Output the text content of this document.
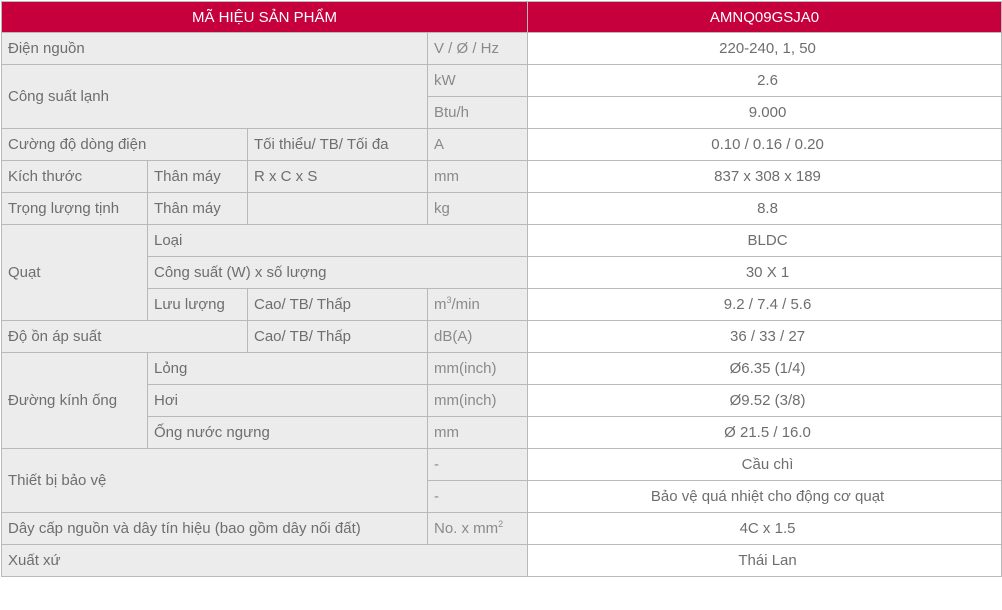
MÃ HIỆU SẢN PHẨM				AMNQ09GSJA0
Điện nguồn			V / Ø / Hz	220-240, 1, 50
Công suất lạnh			kW	2.6
			Btu/h	9.000
Cường độ dòng điện		Tối thiểu/ TB/ Tối đa	A	0.10 / 0.16 / 0.20
Kích thước	Thân máy	R x C x S	mm	837 x 308 x 189
Trọng lượng tịnh	Thân máy		kg	8.8
Quạt	Loại			BLDC
	Công suất (W) x số lượng			30 X 1
	Lưu lượng	Cao/ TB/ Thấp	$m^3/\min$	9.2 / 7.4 / 5.6
Độ ồn áp suất		Cao/ TB/ Thấp	dB(A)	36 / 33 / 27
Đường kính ống	Lỏng		mm(inch)	Ø6.35 (1/4)
	Hơi		mm(inch)	Ø9.52 (3/8)
	Ống nước ngưng		mm	Ø 21.5 / 16.0
Thiết bị bảo vệ			-	Cầu chì
			-	Bảo vệ quá nhiệt cho động cơ quạt
Dây cấp nguồn và dây tín hiệu (bao gồm dây nối đất)			No. x $mm^2$	4C x 1.5
Xuất xứ				Thái Lan
